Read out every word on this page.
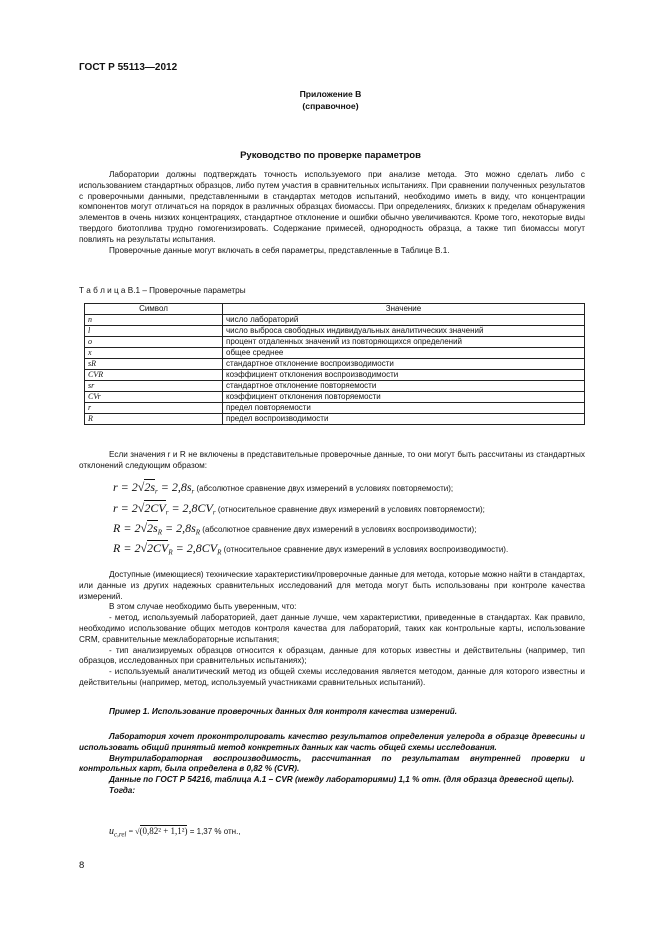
ГОСТ Р 55113—2012
Приложение В
(справочное)
Руководство по проверке параметров

Лаборатории должны подтверждать точность используемого при анализе метода. Это можно сделать либо с использованием стандартных образцов, либо путем участия в сравнительных испытаниях. При сравнении полученных результатов с проверочными данными, представленными в стандартах методов испытаний, необходимо иметь в виду, что концентрации компонентов могут отличаться на порядок в различных образцах биомассы. При определениях, близких к пределам обнаружения элементов в очень низких концентрациях, стандартное отклонение и ошибки обычно увеличиваются. Кроме того, некоторые виды твердого биотоплива трудно гомогенизировать. Содержание примесей, однородность образца, а также тип биомассы могут повлиять на результаты испытания.

Проверочные данные могут включать в себя параметры, представленные в Таблице В.1.

Т а б л и ц а В.1 – Проверочные параметры
Символ	Значение
n	число лабораторий
l	число выброса свободных индивидуальных аналитических значений
o	процент отдаленных значений из повторяющихся определений
x	общее среднее
sR	стандартное отклонение воспроизводимости
CVR	коэффициент отклонения воспроизводимости
sr	стандартное отклонение повторяемости
CVr	коэффициент отклонения повторяемости
r	предел повторяемости
R	предел воспроизводимости

Если значения r и R не включены в представительные проверочные данные, то они могут быть рассчитаны из стандартных отклонений следующим образом:

$r = 2√2s_r = 2,8s_r$ (абсолютное сравнение двух измерений в условиях повторяемости);
$r = 2√2CV_r = 2,8CV_r$ (относительное сравнение двух измерений в условиях повторяемости);
$R = 2√2s_R = 2,8s_R$ (абсолютное сравнение двух измерений в условиях воспроизводимости);
$R = 2√2CV_R = 2,8CV_R$ (относительное сравнение двух измерений в условиях воспроизводимости).

Доступные (имеющиеся) технические характеристики/проверочные данные для метода, которые можно найти в стандартах, или данные из других надежных сравнительных исследований для метода могут быть использованы при контроле качества измерений.

В этом случае необходимо быть уверенным, что:

- метод, используемый лабораторией, дает данные лучше, чем характеристики, приведенные в стандартах. Как правило, необходимо использование общих методов контроля качества для лабораторий, таких как контрольные карты, использование CRM, сравнительные межлабораторные испытания;

- тип анализируемых образцов относится к образцам, данные для которых известны и действительны (например, тип образцов, исследованных при сравнительных испытаниях);

- используемый аналитический метод из общей схемы исследования является методом, данные для которого известны и действительны (например, метод, используемый участниками сравнительных испытаний).

Пример 1. Использование проверочных данных для контроля качества измерений.

Лаборатория хочет проконтролировать качество результатов определения углерода в образце древесины и использовать общий принятый метод конкретных данных как часть общей схемы исследования.

Внутрилабораторная воспроизводимость, рассчитанная по результатам внутренней проверки и контрольных карт, была определена в 0,82 % (CVR).

Данные по ГОСТ Р 54216, таблица А.1 – CVR (между лабораториями) 1,1 % отн. (для образца древесной щепы).

Тогда:

$u_{c,rel} = √(0,82^2 + 1,1^2) = 1,37$ % отн.,
8
